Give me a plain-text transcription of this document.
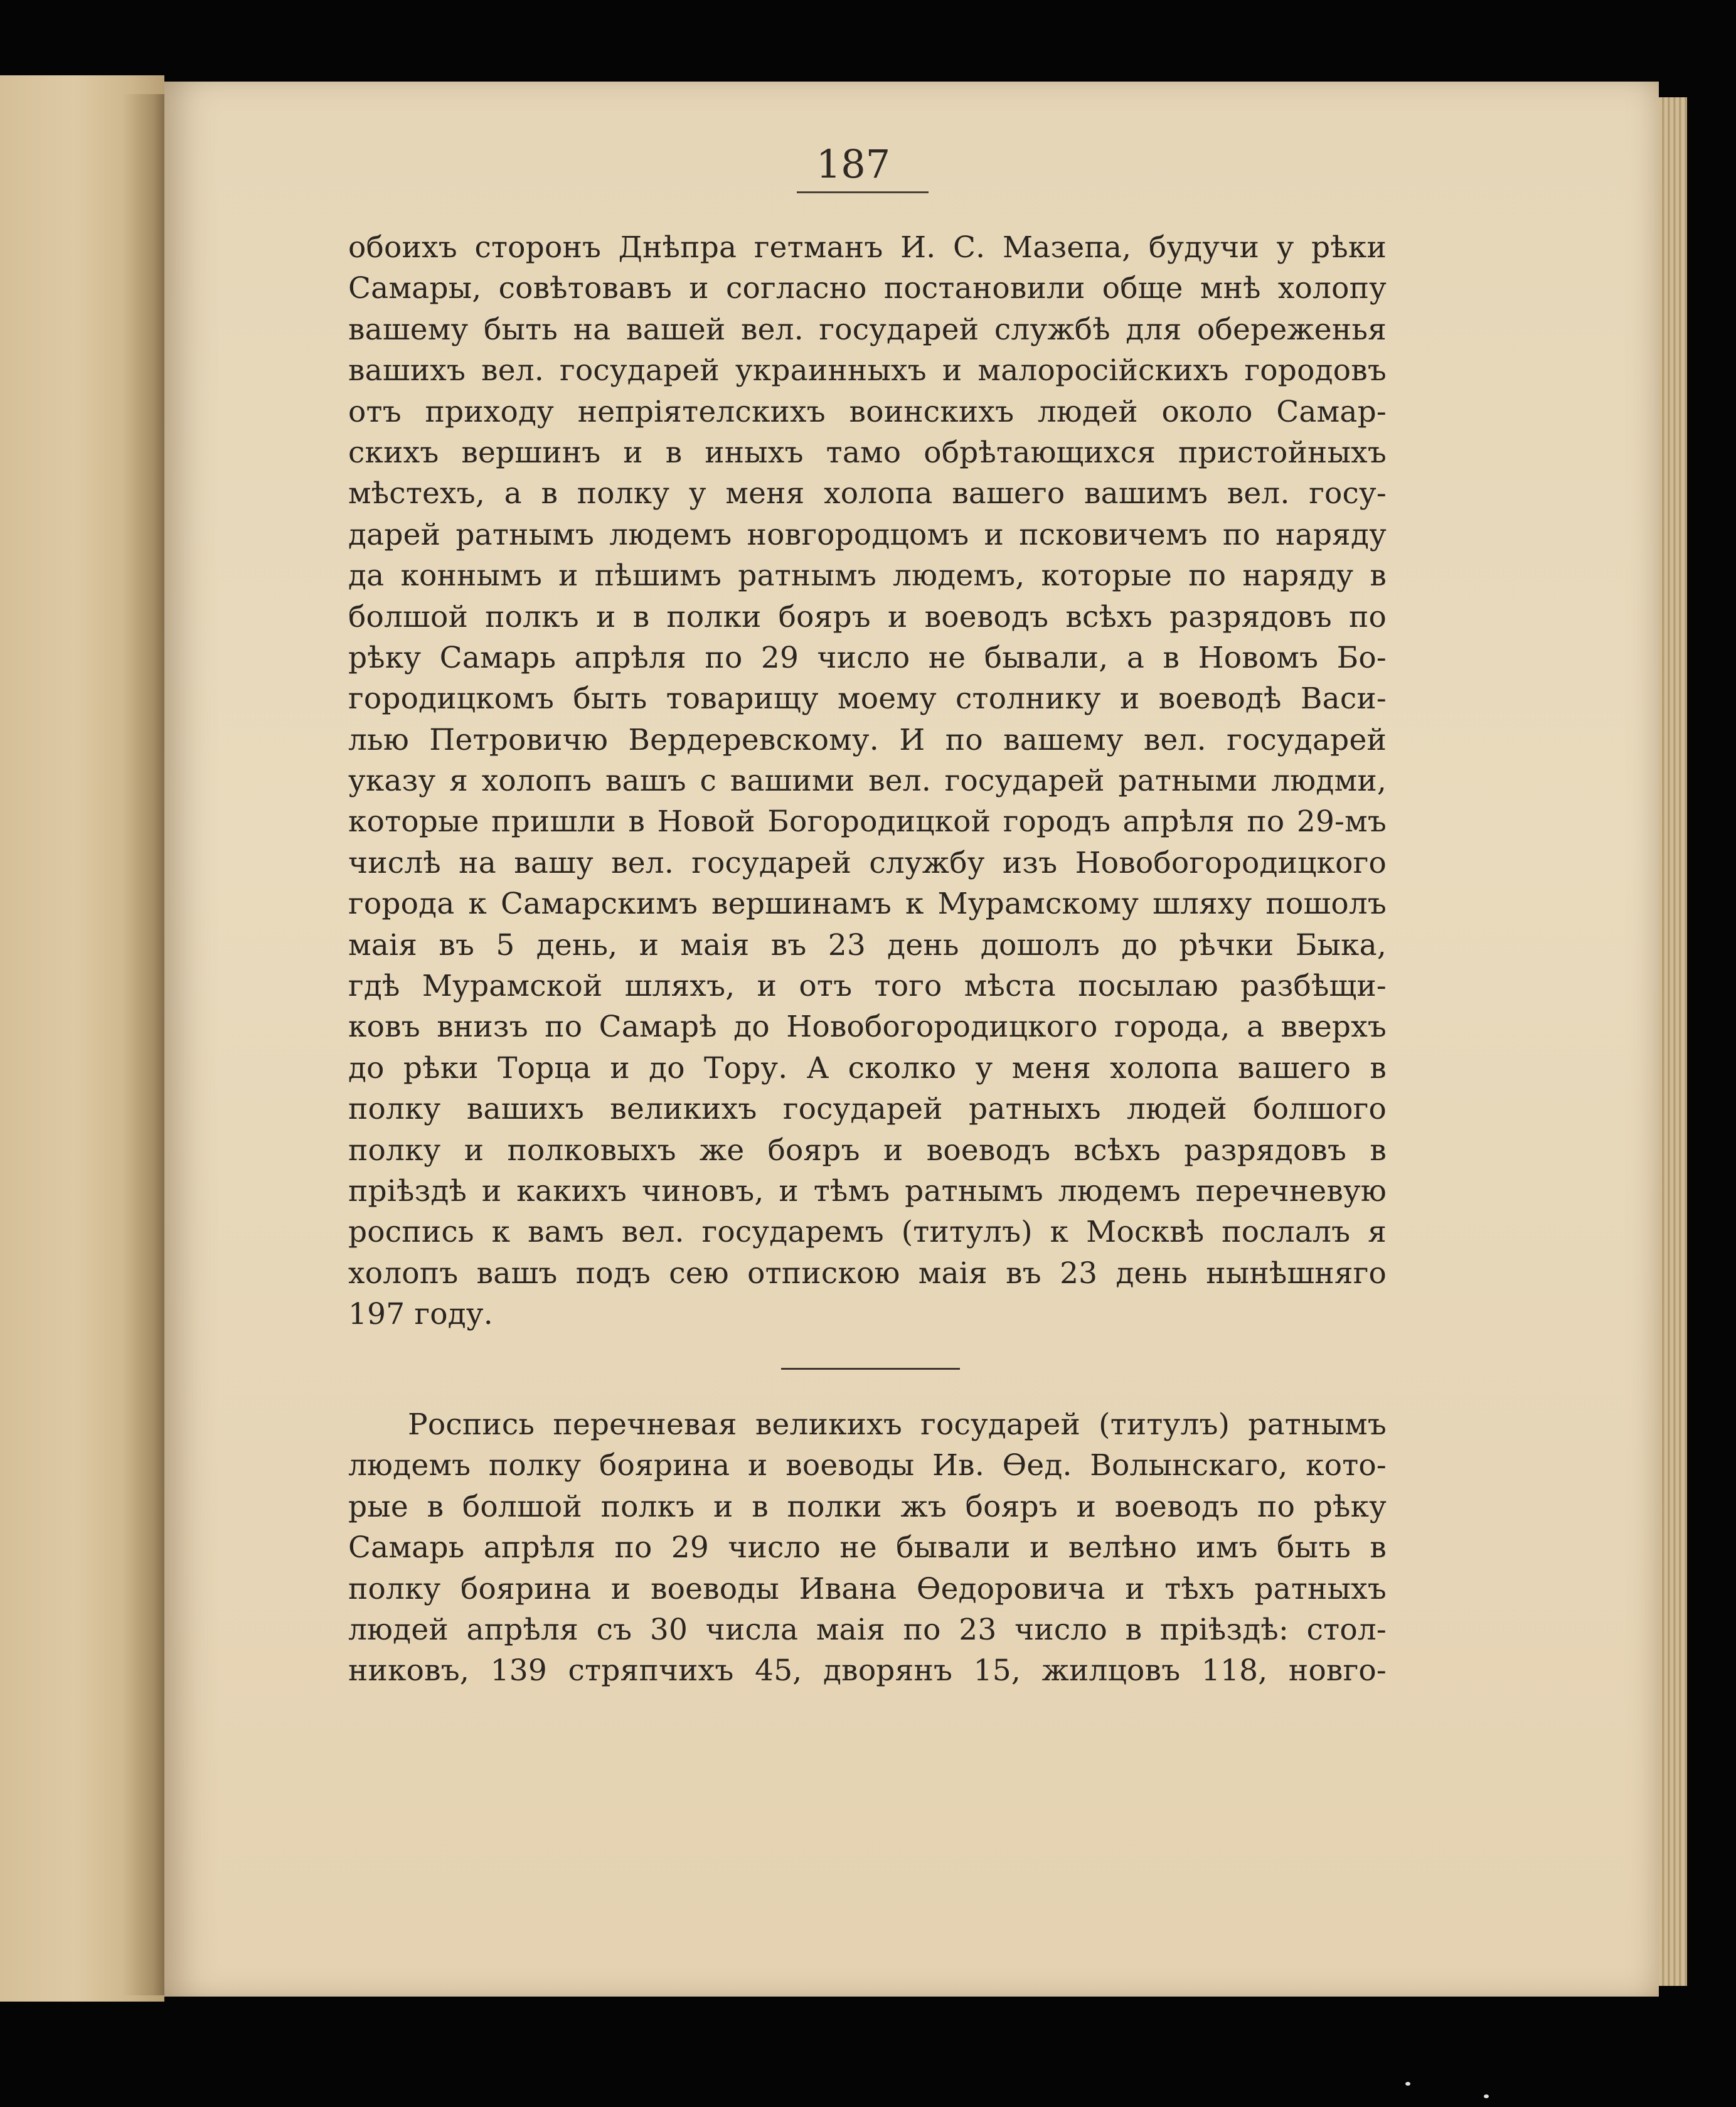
187
обоихъ сторонъ Днѣпра гетманъ И. С. Мазепа, будучи у рѣки
Самары, совѣтовавъ и согласно постановили обще мнѣ холопу
вашему быть на вашей вел. государей службѣ для обереженья
вашихъ вел. государей украинныхъ и малоросійскихъ городовъ
отъ приходу непріятелскихъ воинскихъ людей около Самар-
скихъ вершинъ и в иныхъ тамо обрѣтающихся пристойныхъ
мѣстехъ, а в полку у меня холопа вашего вашимъ вел. госу-
дарей ратнымъ людемъ новгородцомъ и псковичемъ по наряду
да коннымъ и пѣшимъ ратнымъ людемъ, которые по наряду в
болшой полкъ и в полки бояръ и воеводъ всѣхъ разрядовъ по
рѣку Самарь апрѣля по 29 число не бывали, а в Новомъ Бо-
городицкомъ быть товарищу моему столнику и воеводѣ Васи-
лью Петровичю Вердеревскому. И по вашему вел. государей
указу я холопъ вашъ с вашими вел. государей ратными людми,
которые пришли в Новой Богородицкой городъ апрѣля по 29-мъ
числѣ на вашу вел. государей службу изъ Новобогородицкого
города к Самарскимъ вершинамъ к Мурамскому шляху пошолъ
маія въ 5 день, и маія въ 23 день дошолъ до рѣчки Быка,
гдѣ Мурамской шляхъ, и отъ того мѣста посылаю разбѣщи-
ковъ внизъ по Самарѣ до Новобогородицкого города, а вверхъ
до рѣки Торца и до Тору. А сколко у меня холопа вашего в
полку вашихъ великихъ государей ратныхъ людей болшого
полку и полковыхъ же бояръ и воеводъ всѣхъ разрядовъ в
пріѣздѣ и какихъ чиновъ, и тѣмъ ратнымъ людемъ перечневую
роспись к вамъ вел. государемъ (титулъ) к Москвѣ послалъ я
холопъ вашъ подъ сею отпискою маія въ 23 день нынѣшняго
197 году.
Роспись перечневая великихъ государей (титулъ) ратнымъ
людемъ полку боярина и воеводы Ив. Ѳед. Волынскаго, кото-
рые в болшой полкъ и в полки жъ бояръ и воеводъ по рѣку
Самарь апрѣля по 29 число не бывали и велѣно имъ быть в
полку боярина и воеводы Ивана Ѳедоровича и тѣхъ ратныхъ
людей апрѣля съ 30 числа маія по 23 число в пріѣздѣ: стол-
никовъ, 139 стряпчихъ 45, дворянъ 15, жилцовъ 118, новго-
